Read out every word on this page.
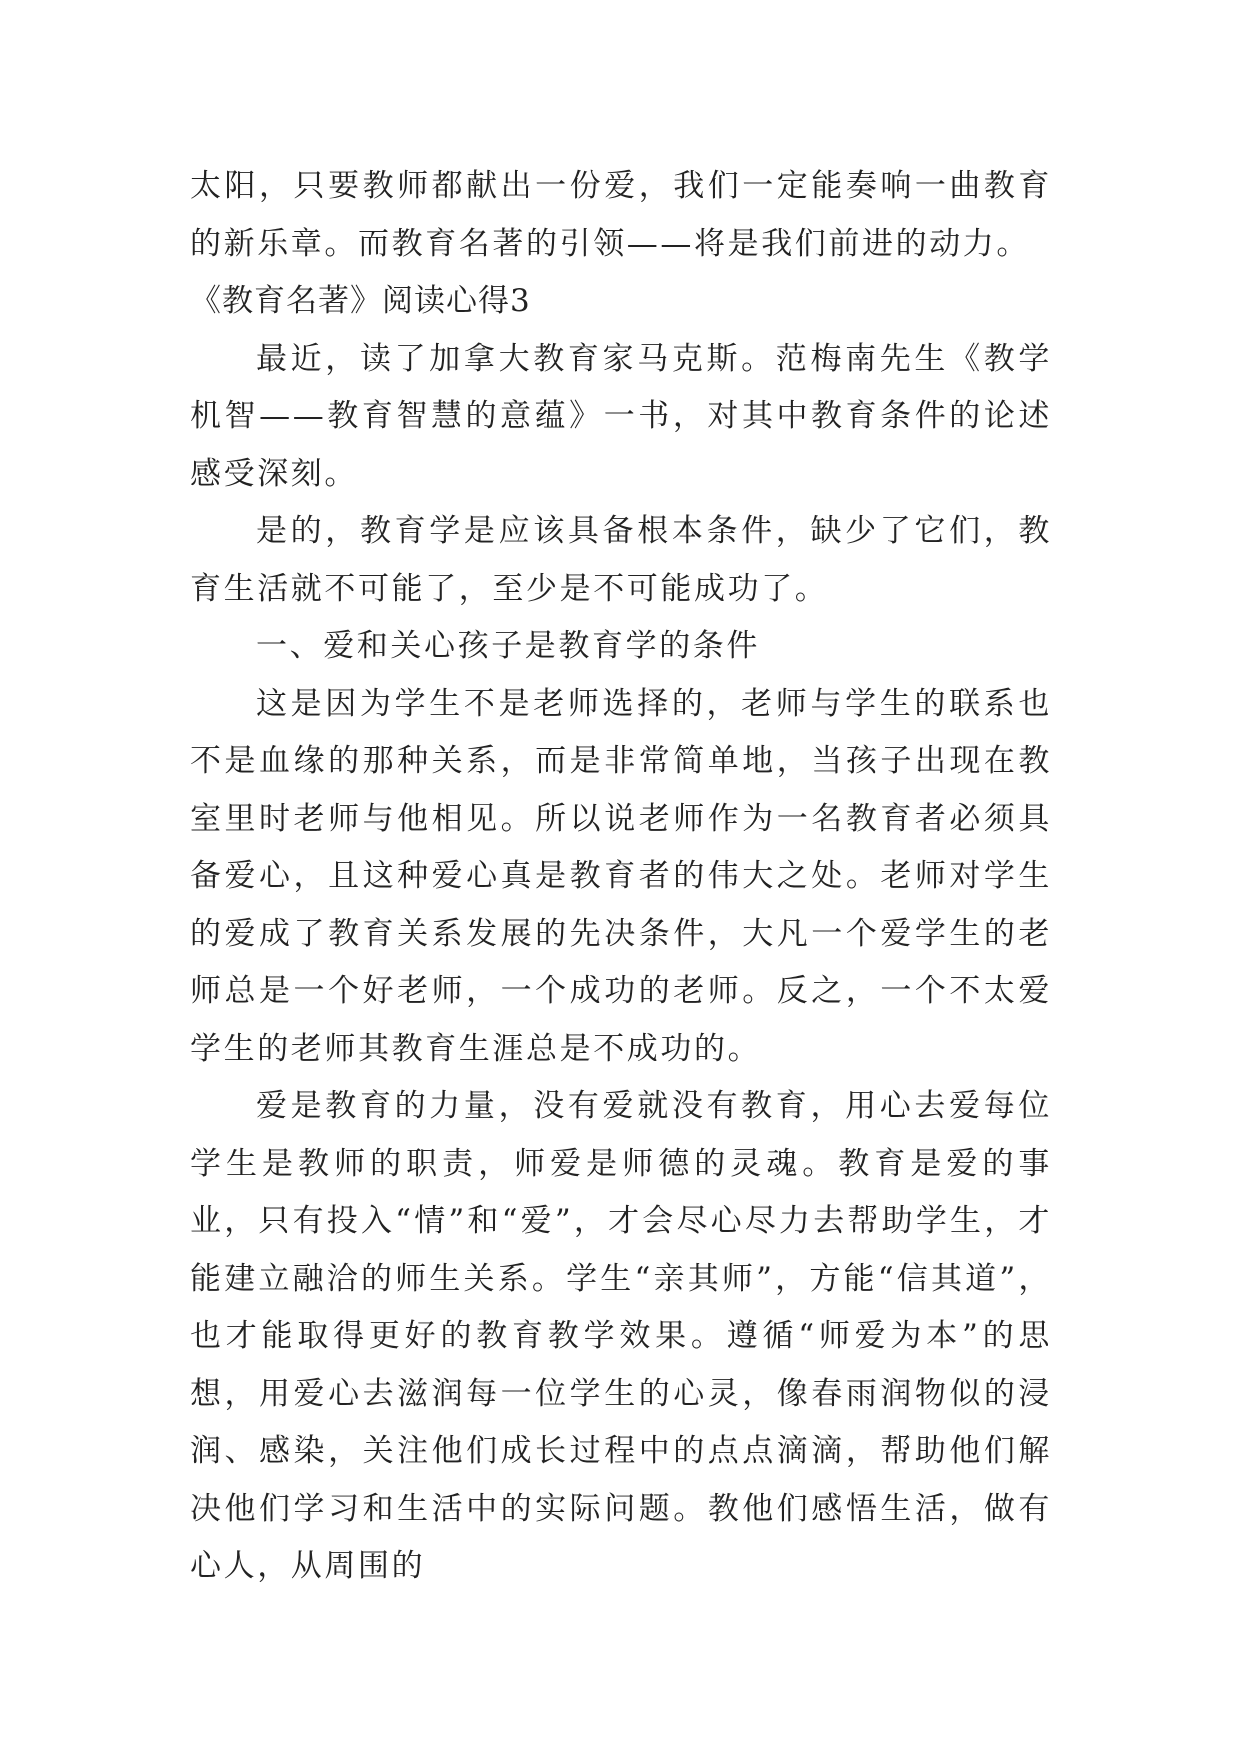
太阳，只要教师都献出一份爱，我们一定能奏响一曲教育的新乐章。而教育名著的引领——将是我们前进的动力。

《教育名著》阅读心得3

最近，读了加拿大教育家马克斯。范梅南先生《教学机智——教育智慧的意蕴》一书，对其中教育条件的论述感受深刻。

是的，教育学是应该具备根本条件，缺少了它们，教育生活就不可能了，至少是不可能成功了。

一、爱和关心孩子是教育学的条件

这是因为学生不是老师选择的，老师与学生的联系也不是血缘的那种关系，而是非常简单地，当孩子出现在教室里时老师与他相见。所以说老师作为一名教育者必须具备爱心，且这种爱心真是教育者的伟大之处。老师对学生的爱成了教育关系发展的先决条件，大凡一个爱学生的老师总是一个好老师，一个成功的老师。反之，一个不太爱学生的老师其教育生涯总是不成功的。

爱是教育的力量，没有爱就没有教育，用心去爱每位学生是教师的职责，师爱是师德的灵魂。教育是爱的事业，只有投入“情”和“爱”，才会尽心尽力去帮助学生，才能建立融洽的师生关系。学生“亲其师”，方能“信其道”，也才能取得更好的教育教学效果。遵循“师爱为本”的思想，用爱心去滋润每一位学生的心灵，像春雨润物似的浸润、感染，关注他们成长过程中的点点滴滴，帮助他们解决他们学习和生活中的实际问题。教他们感悟生活，做有心人，从周围的
